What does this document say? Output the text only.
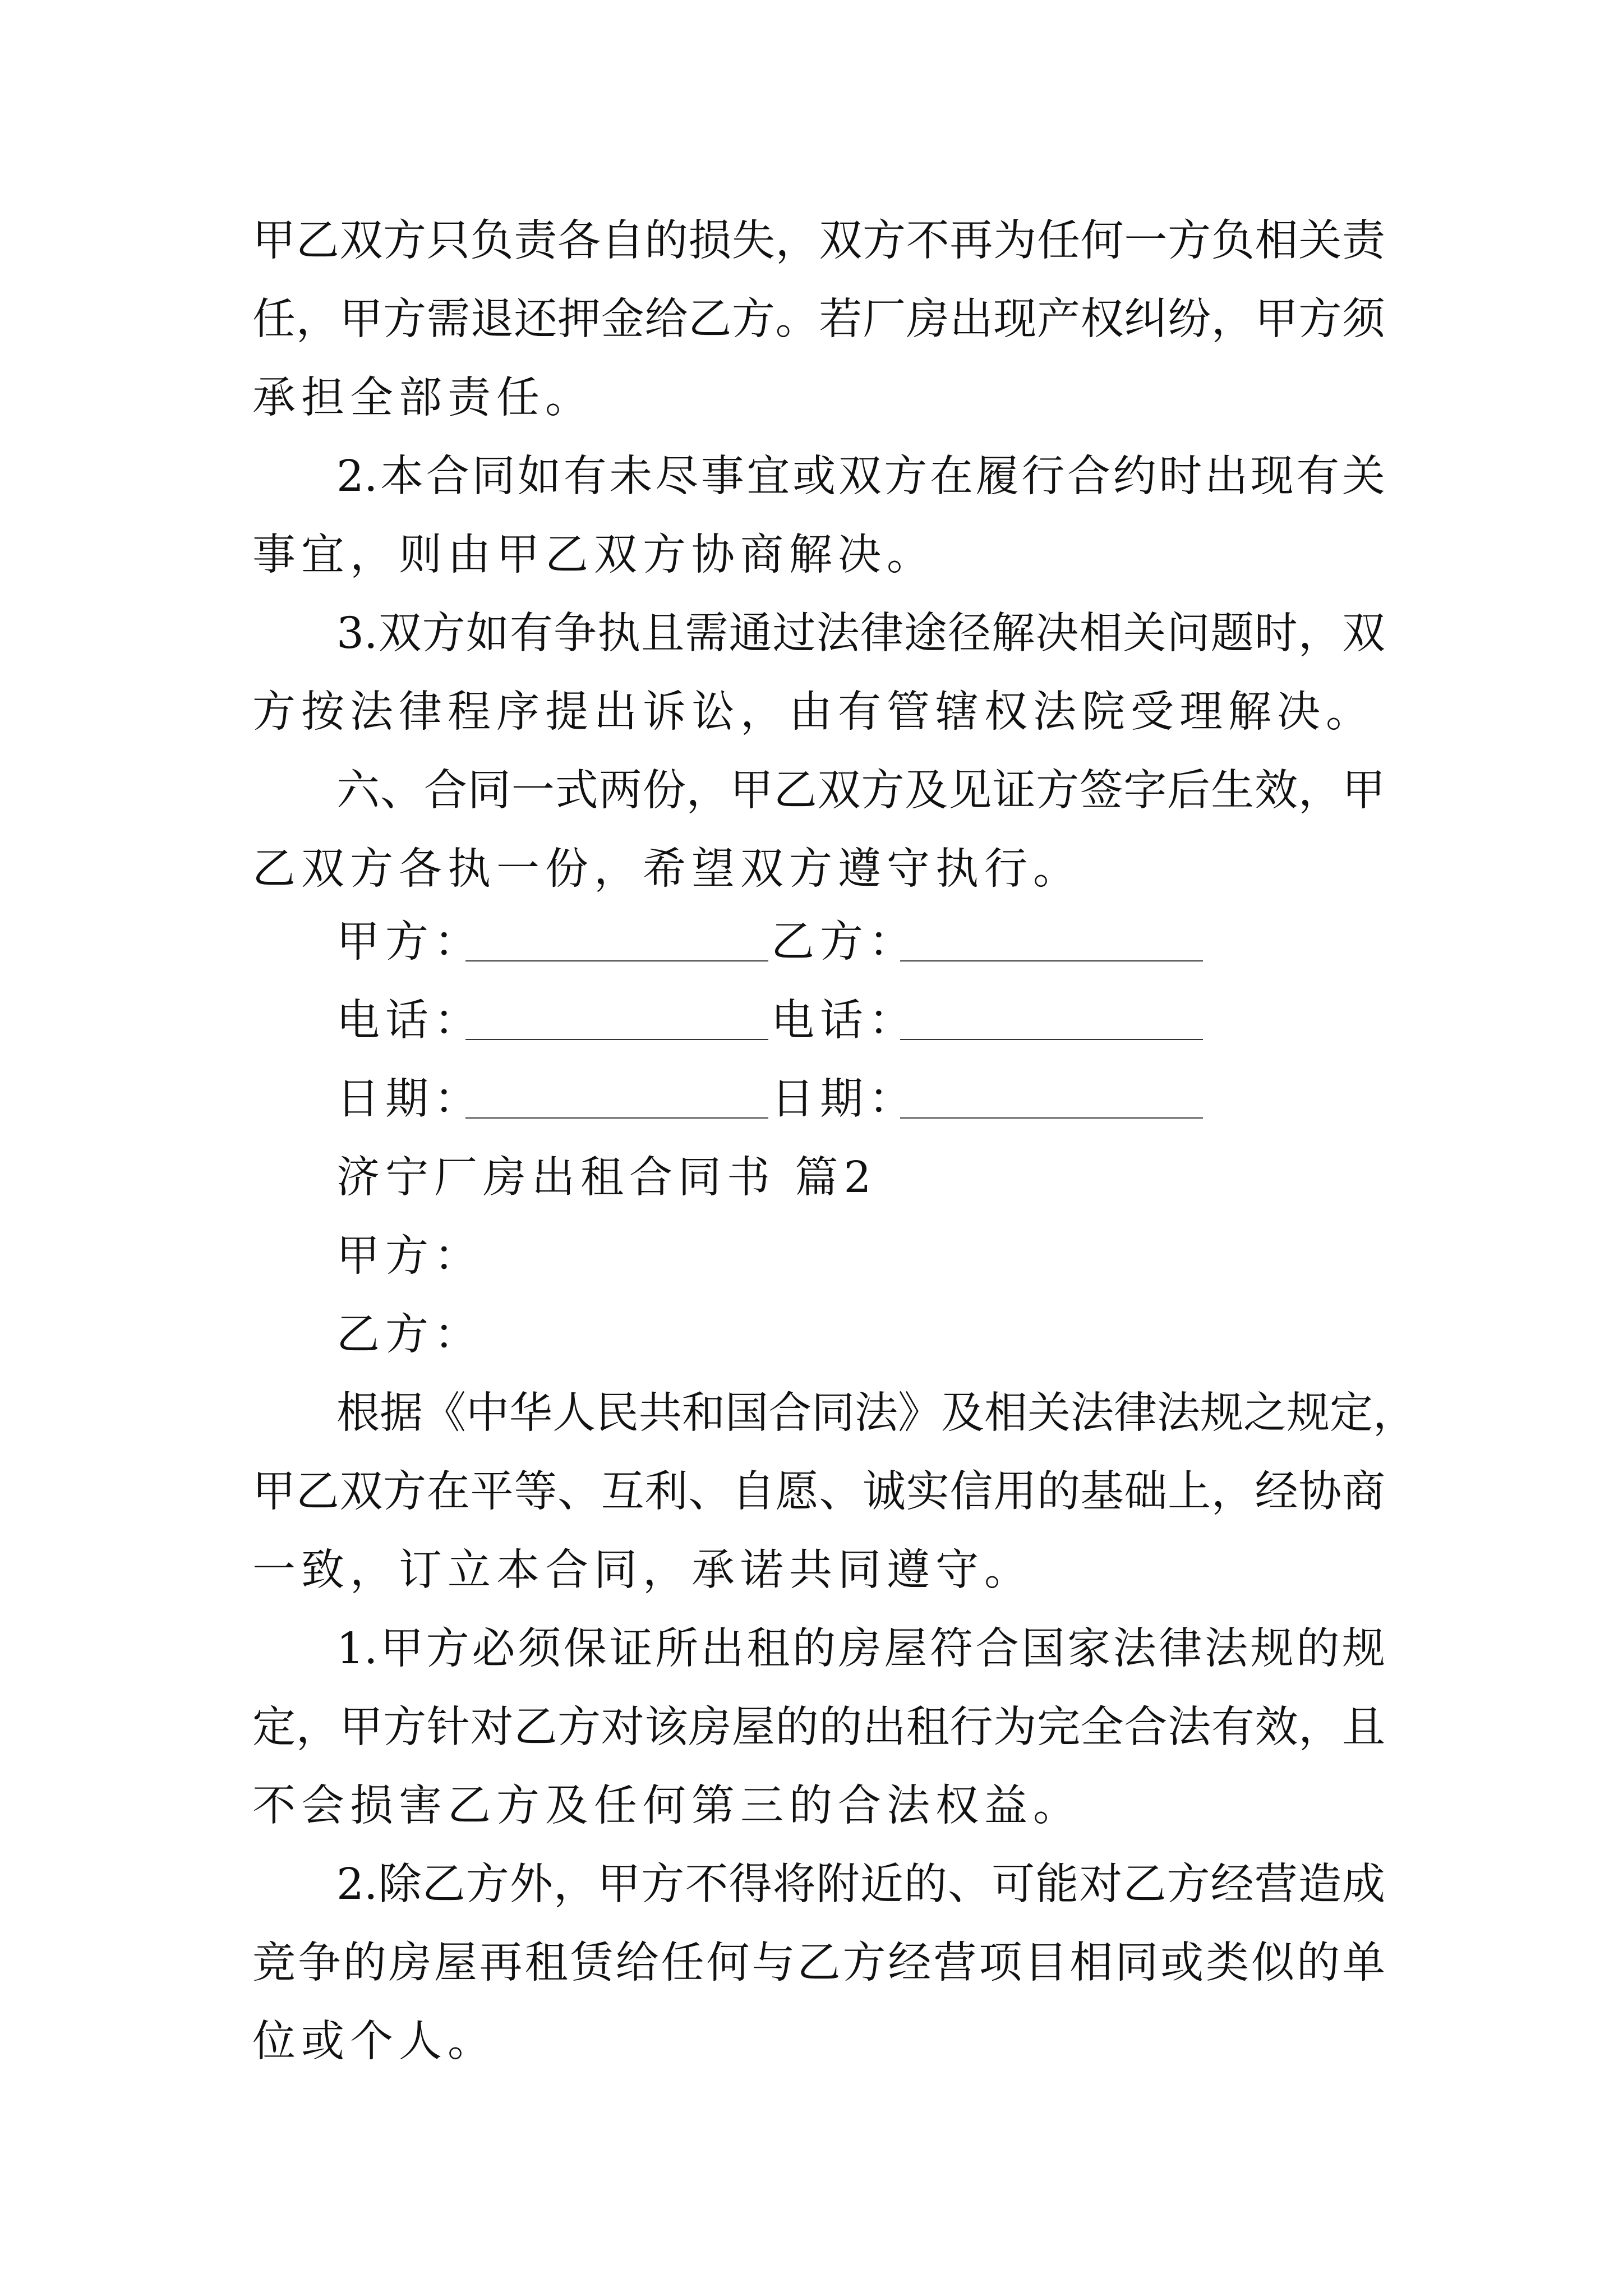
甲乙双方只负责各自的损失，双方不再为任何一方负相关责
任，甲方需退还押金给乙方。若厂房出现产权纠纷，甲方须
承担全部责任。
2.本合同如有未尽事宜或双方在履行合约时出现有关
事宜，则由甲乙双方协商解决。
3.双方如有争执且需通过法律途径解决相关问题时，双
方按法律程序提出诉讼，由有管辖权法院受理解决。
六、合同一式两份，甲乙双方及见证方签字后生效，甲
乙双方各执一份，希望双方遵守执行。
甲方：	乙方：
电话：	电话：
日期：	日期：
济宁厂房出租合同书 篇2
甲方：
乙方：
根据《中华人民共和国合同法》及相关法律法规之规定，
甲乙双方在平等、互利、自愿、诚实信用的基础上，经协商
一致，订立本合同，承诺共同遵守。
1.甲方必须保证所出租的房屋符合国家法律法规的规
定，甲方针对乙方对该房屋的的出租行为完全合法有效，且
不会损害乙方及任何第三的合法权益。
2.除乙方外，甲方不得将附近的、可能对乙方经营造成
竞争的房屋再租赁给任何与乙方经营项目相同或类似的单
位或个人。
